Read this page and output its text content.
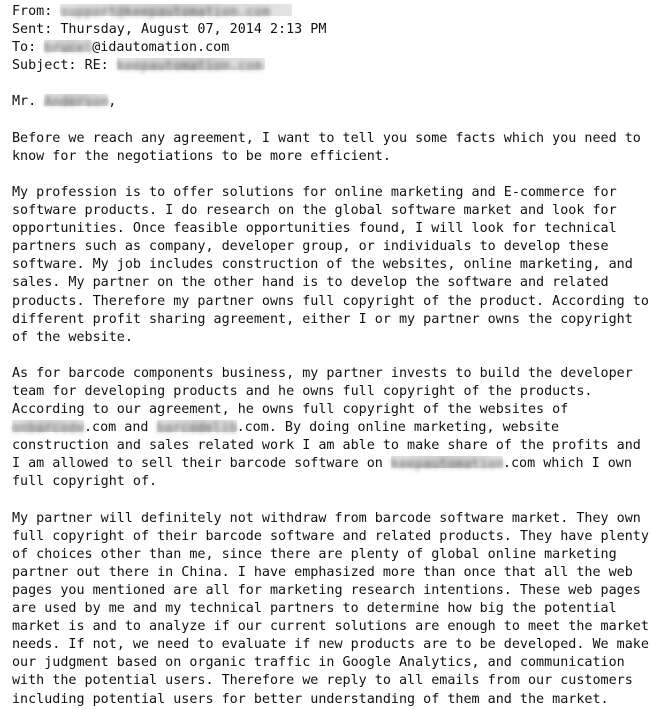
From: support@keepautomation.com
Sent: Thursday, August 07, 2014 2:13 PM
To: brucel@idautomation.com
Subject: RE: keepautomation.com
Mr. Anderson,
Before we reach any agreement, I want to tell you some facts which you need to
know for the negotiations to be more efficient.
My profession is to offer solutions for online marketing and E-commerce for
software products. I do research on the global software market and look for
opportunities. Once feasible opportunities found, I will look for technical
partners such as company, developer group, or individuals to develop these
software. My job includes construction of the websites, online marketing, and
sales. My partner on the other hand is to develop the software and related
products. Therefore my partner owns full copyright of the product. According to
different profit sharing agreement, either I or my partner owns the copyright
of the website.
As for barcode components business, my partner invests to build the developer
team for developing products and he owns full copyright of the products.
According to our agreement, he owns full copyright of the websites of
onbarcode.com and barcodelib.com. By doing online marketing, website
construction and sales related work I am able to make share of the profits and
I am allowed to sell their barcode software on keepautomation.com which I own
full copyright of.
My partner will definitely not withdraw from barcode software market. They own
full copyright of their barcode software and related products. They have plenty
of choices other than me, since there are plenty of global online marketing
partner out there in China. I have emphasized more than once that all the web
pages you mentioned are all for marketing research intentions. These web pages
are used by me and my technical partners to determine how big the potential
market is and to analyze if our current solutions are enough to meet the market
needs. If not, we need to evaluate if new products are to be developed. We make
our judgment based on organic traffic in Google Analytics, and communication
with the potential users. Therefore we reply to all emails from our customers
including potential users for better understanding of them and the market.
